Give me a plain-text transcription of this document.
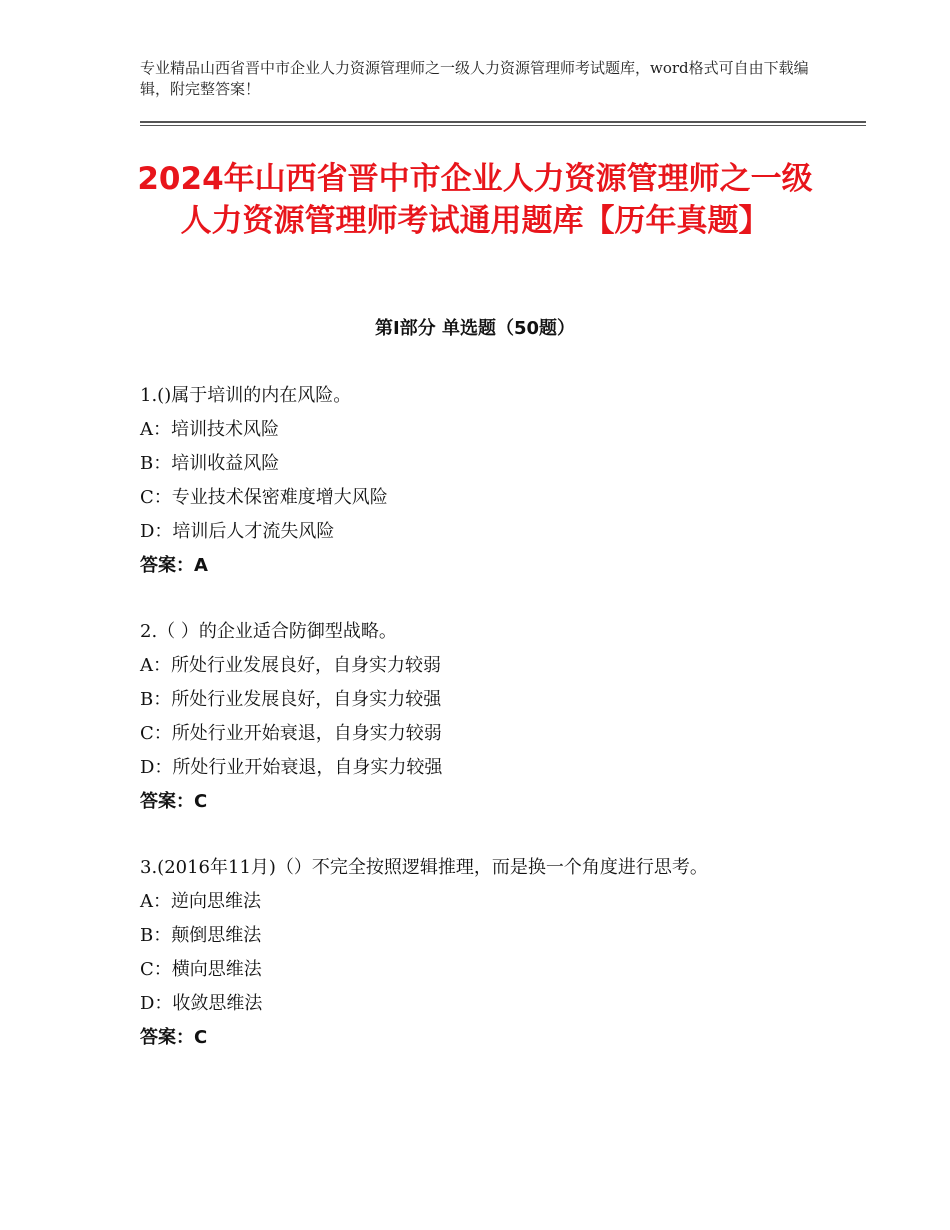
专业精品山西省晋中市企业人力资源管理师之一级人力资源管理师考试题库，word格式可自由下载编辑，附完整答案！
2024年山西省晋中市企业人力资源管理师之一级人力资源管理师考试通用题库【历年真题】
第Ⅰ部分 单选题（50题）

1.()属于培训的内在风险。

A：培训技术风险

B：培训收益风险

C：专业技术保密难度增大风险

D：培训后人才流失风险

答案：A

2.（ ）的企业适合防御型战略。

A：所处行业发展良好，自身实力较弱

B：所处行业发展良好，自身实力较强

C：所处行业开始衰退，自身实力较弱

D：所处行业开始衰退，自身实力较强

答案：C

3.(2016年11月)（）不完全按照逻辑推理，而是换一个角度进行思考。

A：逆向思维法

B：颠倒思维法

C：横向思维法

D：收敛思维法

答案：C
